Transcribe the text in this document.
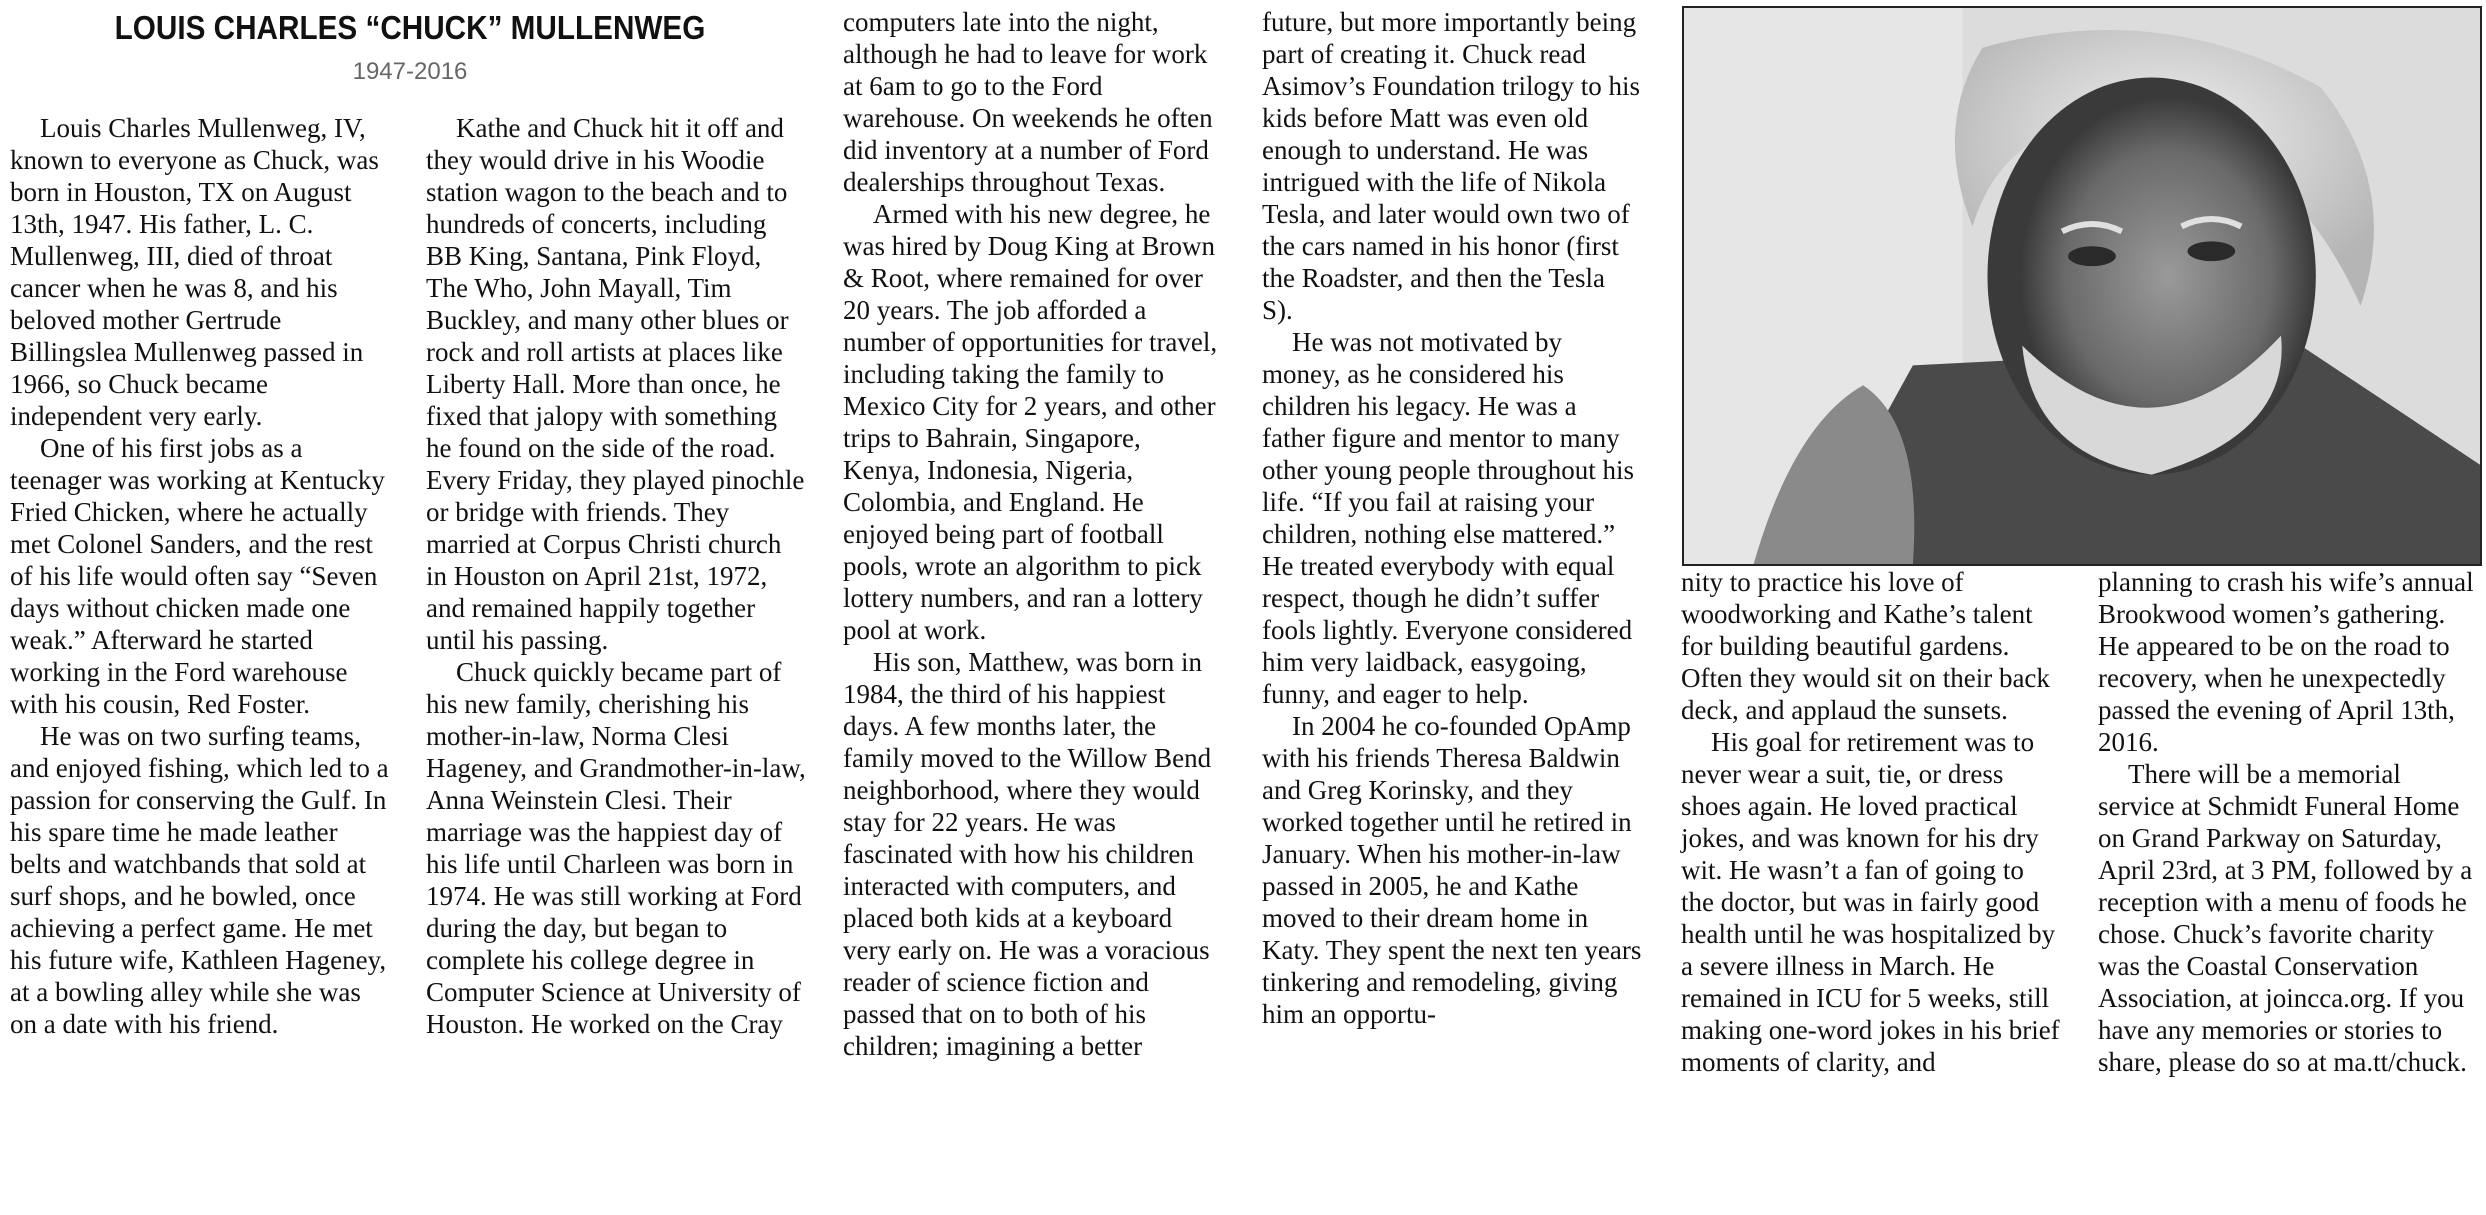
LOUIS CHARLES “CHUCK” MULLENWEG
1947-2016

Louis Charles Mullenweg, IV, known to everyone as Chuck, was born in Houston, TX on August 13th, 1947. His father, L. C. Mullenweg, III, died of throat cancer when he was 8, and his beloved mother Gertrude Billingslea Mullenweg passed in 1966, so Chuck became independent very early.

One of his first jobs as a teenager was working at Kentucky Fried Chicken, where he actually met Colonel Sanders, and the rest of his life would often say “Seven days without chicken made one weak.” Afterward he started working in the Ford warehouse with his cousin, Red Foster.

He was on two surfing teams, and enjoyed fishing, which led to a passion for conserving the Gulf. In his spare time he made leather belts and watchbands that sold at surf shops, and he bowled, once achieving a perfect game. He met his future wife, Kathleen Hageney, at a bowling alley while she was on a date with his friend.

Kathe and Chuck hit it off and they would drive in his Woodie station wagon to the beach and to hundreds of concerts, including BB King, Santana, Pink Floyd, The Who, John Mayall, Tim Buckley, and many other blues or rock and roll artists at places like Liberty Hall. More than once, he fixed that jalopy with something he found on the side of the road. Every Friday, they played pinochle or bridge with friends. They married at Corpus Christi church in Houston on April 21st, 1972, and remained happily together until his passing.

Chuck quickly became part of his new family, cherishing his mother-in-law, Norma Clesi Hageney, and Grandmother-in-law, Anna Weinstein Clesi. Their marriage was the happiest day of his life until Charleen was born in 1974. He was still working at Ford during the day, but began to complete his college degree in Computer Science at University of Houston. He worked on the Cray

computers late into the night, although he had to leave for work at 6am to go to the Ford warehouse. On weekends he often did inventory at a number of Ford dealerships throughout Texas.

Armed with his new degree, he was hired by Doug King at Brown & Root, where remained for over 20 years. The job afforded a number of opportunities for travel, including taking the family to Mexico City for 2 years, and other trips to Bahrain, Singapore, Kenya, Indonesia, Nigeria, Colombia, and England. He enjoyed being part of football pools, wrote an algorithm to pick lottery numbers, and ran a lottery pool at work.

His son, Matthew, was born in 1984, the third of his happiest days. A few months later, the family moved to the Willow Bend neighborhood, where they would stay for 22 years. He was fascinated with how his children interacted with computers, and placed both kids at a keyboard very early on. He was a voracious reader of science fiction and passed that on to both of his children; imagining a better

future, but more importantly being part of creating it. Chuck read Asimov’s Foundation trilogy to his kids before Matt was even old enough to understand. He was intrigued with the life of Nikola Tesla, and later would own two of the cars named in his honor (first the Roadster, and then the Tesla S).

He was not motivated by money, as he considered his children his legacy. He was a father figure and mentor to many other young people throughout his life. “If you fail at raising your children, nothing else mattered.” He treated everybody with equal respect, though he didn’t suffer fools lightly. Everyone considered him very laidback, easygoing, funny, and eager to help.

In 2004 he co-founded OpAmp with his friends Theresa Baldwin and Greg Korinsky, and they worked together until he retired in January. When his mother-in-law passed in 2005, he and Kathe moved to their dream home in Katy. They spent the next ten years tinkering and remodeling, giving him an opportu-

nity to practice his love of woodworking and Kathe’s talent for building beautiful gardens. Often they would sit on their back deck, and applaud the sunsets.

His goal for retirement was to never wear a suit, tie, or dress shoes again. He loved practical jokes, and was known for his dry wit. He wasn’t a fan of going to the doctor, but was in fairly good health until he was hospitalized by a severe illness in March. He remained in ICU for 5 weeks, still making one-word jokes in his brief moments of clarity, and

planning to crash his wife’s annual Brookwood women’s gathering. He appeared to be on the road to recovery, when he unexpectedly passed the evening of April 13th, 2016.

There will be a memorial service at Schmidt Funeral Home on Grand Parkway on Saturday, April 23rd, at 3 PM, followed by a reception with a menu of foods he chose. Chuck’s favorite charity was the Coastal Conservation Association, at joincca.org. If you have any memories or stories to share, please do so at ma.tt/chuck.
